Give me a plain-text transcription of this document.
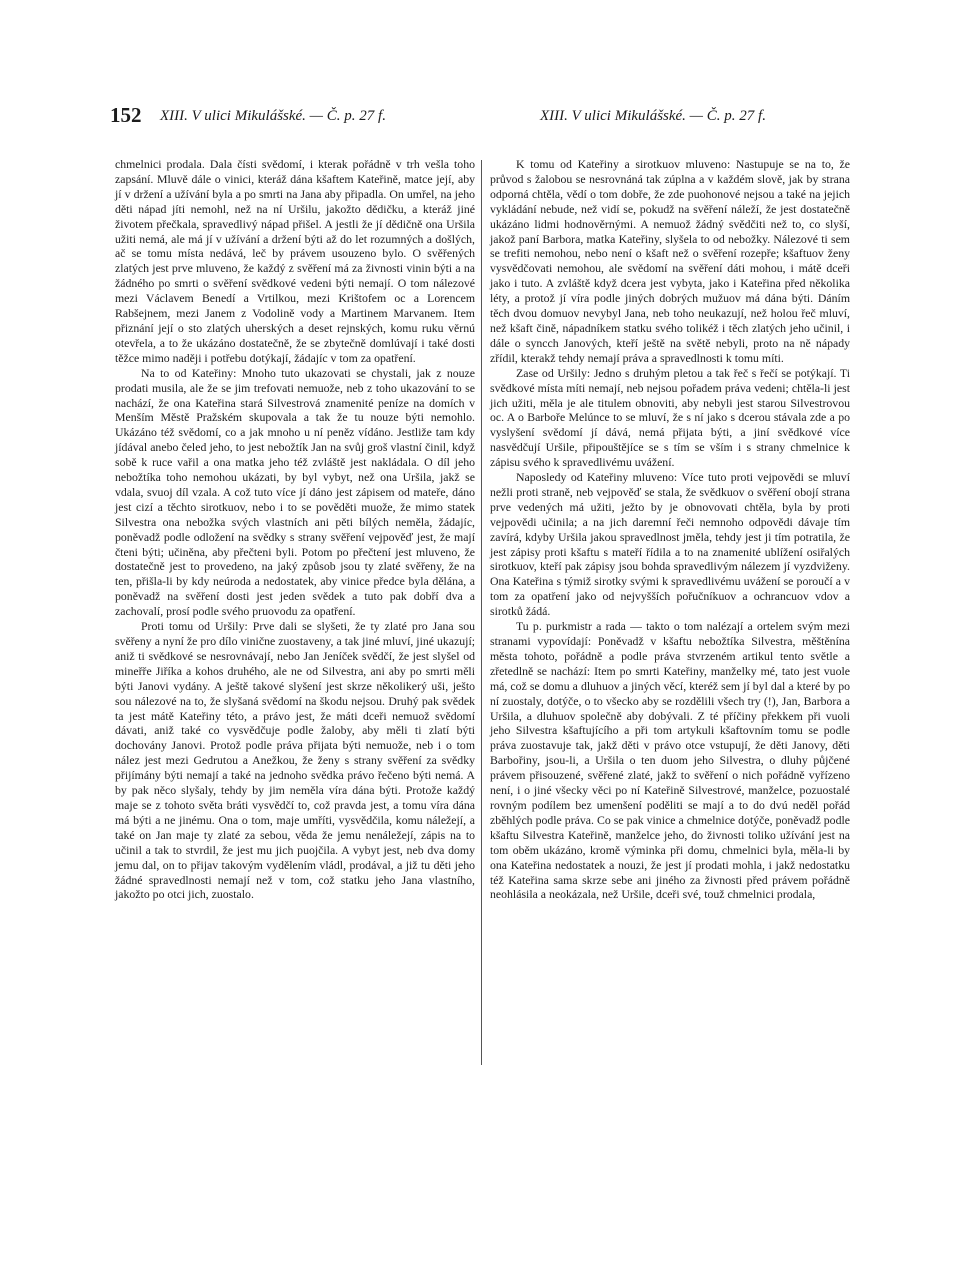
152 XIII. V ulici Mikulášské. — Č. p. 27 f.	XIII. V ulici Mikulášské. — Č. p. 27 f.

chmelnici prodala. Dala čísti svědomí, i kterak pořádně v trh vešla toho zapsání. Mluvě dále o vinici, kteráž dána kšaftem Kateřině, matce její, aby jí v držení a užívání byla a po smrti na Jana aby připadla. On umřel, na jeho děti nápad jíti nemohl, než na ní Uršilu, jakožto dědičku, a kteráž jiné životem přečkala, spravedlivý nápad přišel. A jestli že jí dědičně ona Uršila užiti nemá, ale má jí v užívání a držení býti až do let rozumných a došlých, ač se tomu místa nedává, leč by právem usouzeno bylo. O svěřených zlatých jest prve mluveno, že každý z svěření má za živnosti vinin býti a na žádného po smrti o svěření svědkové vedeni býti nemají. O tom nálezové mezi Václavem Benedí a Vrtilkou, mezi Krištofem oc a Lorencem Rabšejnem, mezi Janem z Vodolině vody a Martinem Marvanem. Item přiznání její o sto zlatých uherských a deset rejnských, komu ruku věrnú otevřela, a to že ukázáno dostatečně, že se zbytečně domlúvají i také dosti těžce mimo naději i potřebu dotýkají, žádajíc v tom za opatření.

Na to od Kateřiny: Mnoho tuto ukazovati se chystali, jak z nouze prodati musila, ale že se jim trefovati nemuože, neb z toho ukazování to se nachází, že ona Kateřina stará Silvestrová znamenité peníze na domích v Menším Městě Pražském skupovala a tak že tu nouze býti nemohlo. Ukázáno též svědomí, co a jak mnoho u ní peněz vídáno. Jestliže tam kdy jídával anebo čeled jeho, to jest nebožtík Jan na svůj groš vlastní činil, když sobě k ruce vařil a ona matka jeho též zvláště jest nakládala. O díl jeho nebožtíka toho nemohou ukázati, by byl vybyt, než ona Uršila, jakž se vdala, svuoj díl vzala. A což tuto více jí dáno jest zápisem od mateře, dáno jest cizí a těchto sirotkuov, nebo i to se pověděti muože, že mimo statek Silvestra ona nebožka svých vlastních ani pěti bílých neměla, žádajíc, poněvadž podle odložení na svědky s strany svěření vejpověď jest, že mají čteni býti; učiněna, aby přečteni byli. Potom po přečtení jest mluveno, že dostatečně jest to provedeno, na jaký způsob jsou ty zlaté svěřeny, že na ten, přišla-li by kdy neúroda a nedostatek, aby vinice předce byla dělána, a poněvadž na svěření dosti jest jeden svědek a tuto pak dobří dva a zachovalí, prosí podle svého pruovodu za opatření.

Proti tomu od Uršily: Prve dali se slyšeti, že ty zlaté pro Jana sou svěřeny a nyní že pro dílo vinične zuostaveny, a tak jiné mluví, jiné ukazují; aniž ti svědkové se nesrovnávají, nebo Jan Jeníček svědčí, že jest slyšel od mineřře Jiříka a kohos druhého, ale ne od Silvestra, ani aby po smrti měli býti Janovi vydány. A ještě takové slyšení jest skrze několikerý uši, ješto sou nálezové na to, že slyšaná svědomí na škodu nejsou. Druhý pak svědek ta jest mátě Kateřiny této, a právo jest, že máti dceři nemuož svědomí dávati, aniž také co vysvědčuje podle žaloby, aby měli ti zlatí býti dochovány Janovi. Protož podle práva přijata býti nemuože, neb i o tom nález jest mezi Gedrutou a Anežkou, že ženy s strany svěření za svědky přijímány býti nemají a také na jednoho svědka právo řečeno býti nemá. A by pak něco slyšaly, tehdy by jim neměla víra dána býti. Protože každý maje se z tohoto světa bráti vysvědčí to, což pravda jest, a tomu víra dána má býti a ne jinému. Ona o tom, maje umříti, vysvědčila, komu náležejí, a také on Jan maje ty zlaté za sebou, věda že jemu nenáležejí, zápis na to učinil a tak to stvrdil, že jest mu jich puojčila. A vybyt jest, neb dva domy jemu dal, on to přijav takovým vydělením vládl, prodával, a již tu děti jeho žádné spravedlnosti nemají než v tom, což statku jeho Jana vlastního, jakožto po otci jich, zuostalo.

K tomu od Kateřiny a sirotkuov mluveno: Nastupuje se na to, že průvod s žalobou se nesrovnáná tak zúplna a v každém slově, jak by strana odporná chtěla, vědí o tom dobře, že zde puohonové nejsou a také na jejich vykládání nebude, než vidí se, pokudž na svěření náleží, že jest dostatečně ukázáno lidmi hodnověrnými. A nemuož žádný svědčiti než to, co slyší, jakož paní Barbora, matka Kateřiny, slyšela to od nebožky. Nálezové ti sem se trefiti nemohou, nebo není o kšaft než o svěření rozepře; kšaftuov ženy vysvědčovati nemohou, ale svědomí na svěření dáti mohou, i mátě dceři jako i tuto. A zvláště když dcera jest vybyta, jako i Kateřina před několika léty, a protož jí víra podle jiných dobrých mužuov má dána býti. Dáním těch dvou domuov nevybyl Jana, neb toho neukazují, než holou řeč mluví, než kšaft čině, nápadníkem statku svého tolikéž i těch zlatých jeho učinil, i dále o syncch Janových, kteří ještě na světě nebyli, proto na ně nápady zřídil, kterakž tehdy nemají práva a spravedlnosti k tomu míti.

Zase od Uršily: Jedno s druhým pletou a tak řeč s řečí se potýkají. Ti svědkové místa míti nemají, neb nejsou pořadem práva vedeni; chtěla-li jest jich užiti, měla je ale titulem obnoviti, aby nebyli jest starou Silvestrovou oc. A o Barboře Melúnce to se mluví, že s ní jako s dcerou stávala zde a po vyslyšení svědomí jí dává, nemá přijata býti, a jiní svědkové více nasvědčují Uršile, připouštějíce se s tím se vším i s strany chmelnice k zápisu svého k spravedlivému uvážení.

Naposledy od Kateřiny mluveno: Více tuto proti vejpovědi se mluví nežli proti straně, neb vejpověď se stala, že svědkuov o svěření obojí strana prve vedených má užiti, ježto by je obnovovati chtěla, byla by proti vejpovědi učinila; a na jich daremní řeči nemnoho odpovědi dávaje tím zavírá, kdyby Uršila jakou spravedlnost jměla, tehdy jest ji tím potratila, že jest zápisy proti kšaftu s mateří řídila a to na znamenité ublížení osiřalých sirotkuov, kteří pak zápisy jsou bohda spravedlivým nálezem jí vyzdviženy. Ona Kateřina s týmiž sirotky svými k spravedlivému uvážení se poroučí a v tom za opatření jako od nejvyšších pořučníkuov a ochrancuov vdov a sirotků žádá.

Tu p. purkmistr a rada — takto o tom nalézají a ortelem svým mezi stranami vypovídají: Poněvadž v kšaftu nebožtíka Silvestra, měštěnína města tohoto, pořádně a podle práva stvrzeném artikul tento světle a zřetedlně se nachází: Item po smrti Kateřiny, manželky mé, tato jest vuole má, což se domu a dluhuov a jiných věcí, kteréž sem jí byl dal a které by po ní zuostaly, dotýče, o to všecko aby se rozdělili všech try (!), Jan, Barbora a Uršila, a dluhuov společně aby dobývali. Z té příčiny překkem při vuoli jeho Silvestra kšaftujícího a při tom artykuli kšaftovním tomu se podle práva zuostavuje tak, jakž děti v právo otce vstupují, že děti Janovy, děti Barbořiny, jsou-li, a Uršila o ten duom jeho Silvestra, o dluhy půjčené právem přisouzené, svěřené zlaté, jakž to svěření o nich pořádně vyřízeno není, i o jiné všecky věci po ní Kateřině Silvestrové, manželce, pozuostalé rovným podílem bez umenšení poděliti se mají a to do dvú neděl pořád zběhlých podle práva. Co se pak vinice a chmelnice dotýče, poněvadž podle kšaftu Silvestra Kateřině, manželce jeho, do živnosti toliko užívání jest na tom oběm ukázáno, kromě výminka při domu, chmelnici byla, měla-li by ona Kateřina nedostatek a nouzi, že jest jí prodati mohla, i jakž nedostatku též Kateřina sama skrze sebe ani jiného za živnosti před právem pořádně neohlásila a neokázala, než Uršile, dceři své, touž chmelnici prodala,
